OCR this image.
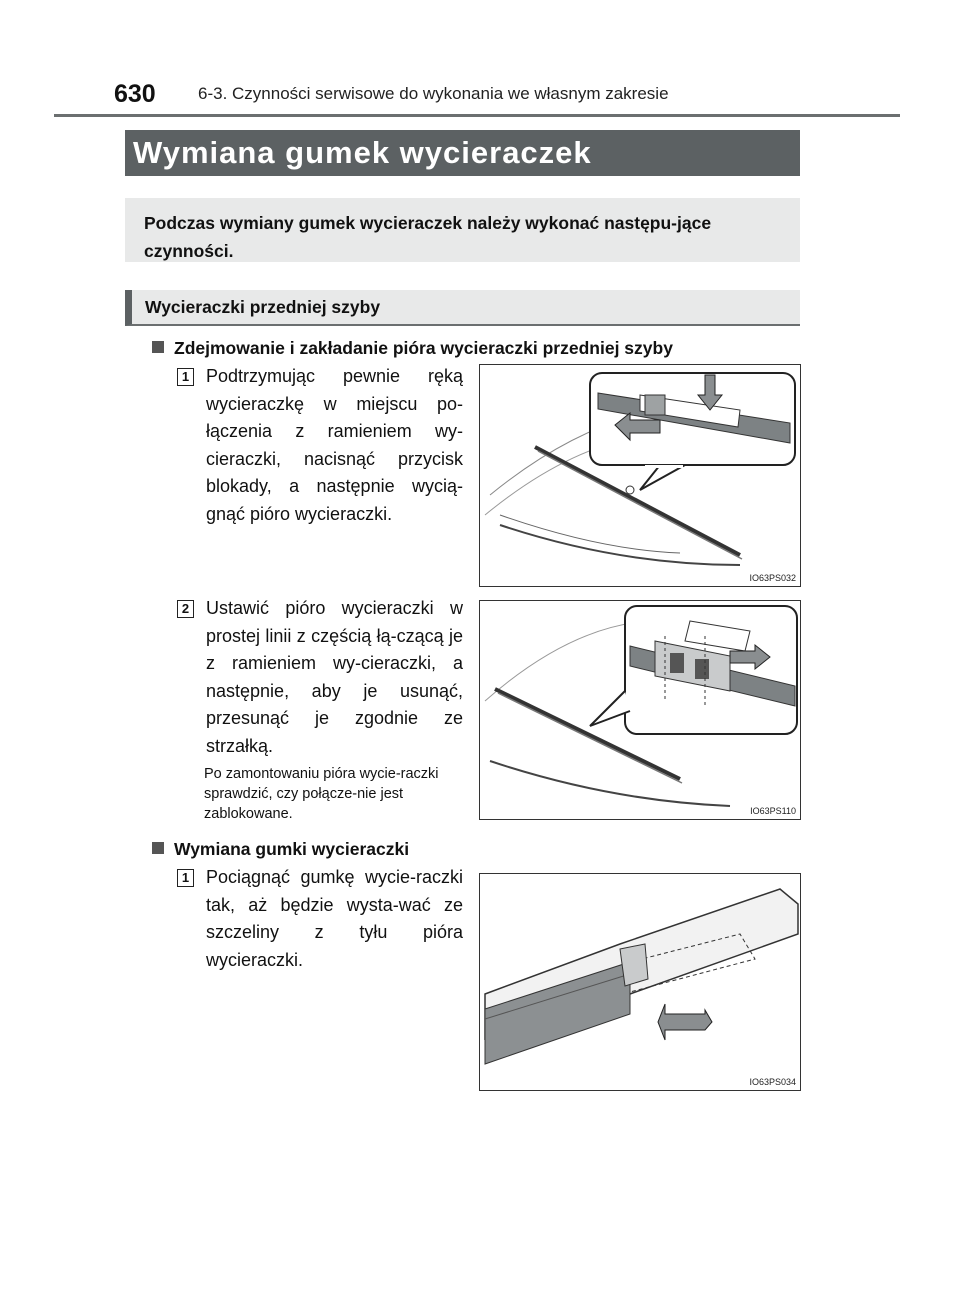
630 6-3. Czynności serwisowe do wykonania we własnym zakresie
Wymiana gumek wycieraczek
Podczas wymiany gumek wycieraczek należy wykonać następu-jące czynności.
Wycieraczki przedniej szyby
Zdejmowanie i zakładanie pióra wycieraczki przedniej szyby
1 Podtrzymując pewnie ręką wycieraczkę w miejscu po-łączenia z ramieniem wy-cieraczki, nacisnąć przycisk blokady, a następnie wycią-gnąć pióro wycieraczki.
IO63PS032
2 Ustawić pióro wycieraczki w prostej linii z częścią łą-czącą je z ramieniem wy-cieraczki, a następnie, aby je usunąć, przesunąć je zgodnie ze strzałką.
Po zamontowaniu pióra wycie-raczki sprawdzić, czy połącze-nie jest zablokowane.	IO63PS110
Wymiana gumki wycieraczki
1 Pociągnąć gumkę wycie-raczki tak, aż będzie wysta-wać ze szczeliny z tyłu pióra wycieraczki.
IO63PS034
